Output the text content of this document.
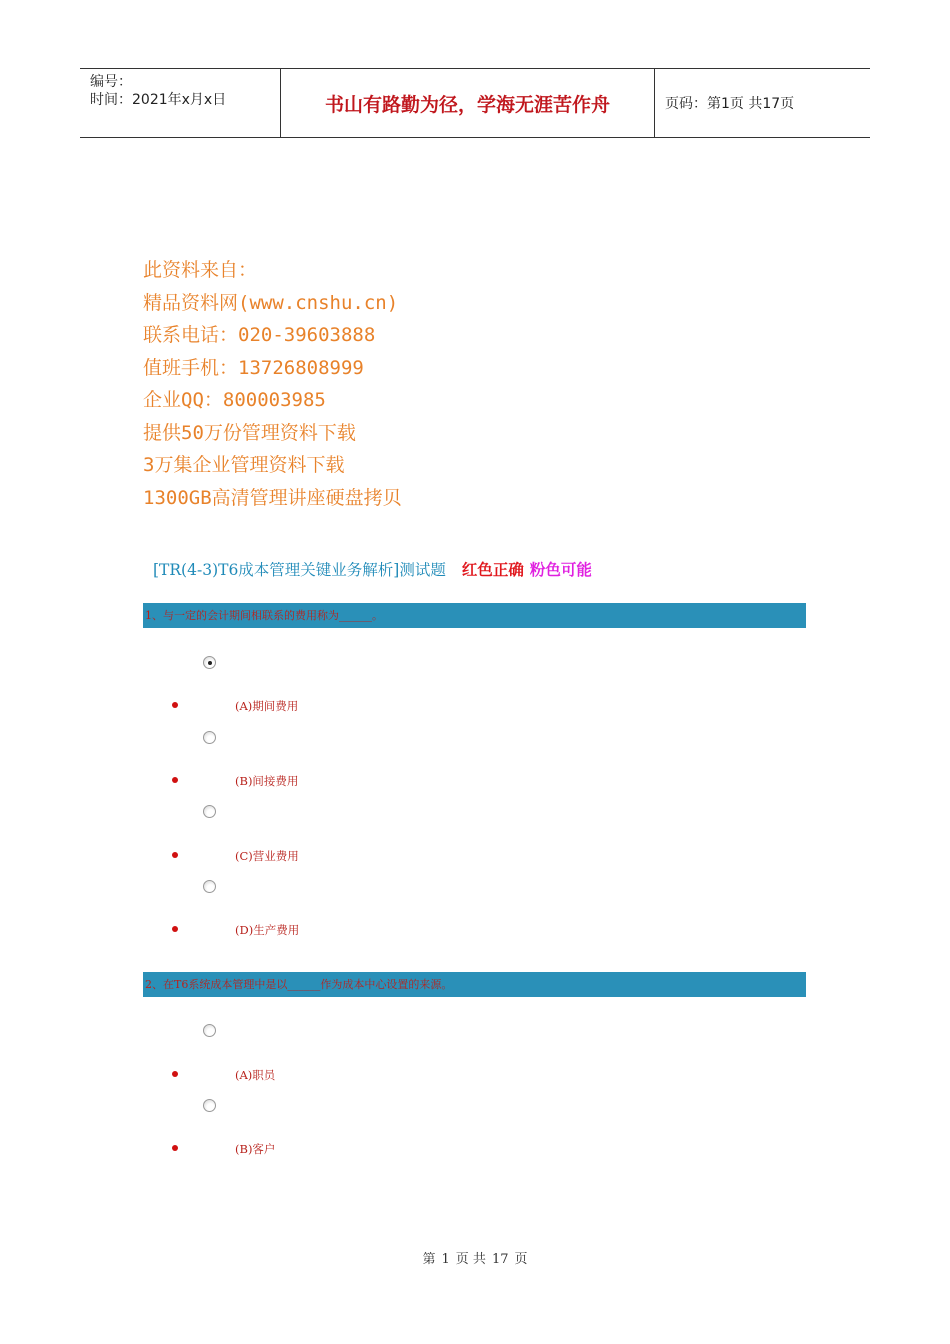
编号：
时间：2021年x月x日	书山有路勤为径，学海无涯苦作舟	页码：第1页 共17页
此资料来自：
精品资料网(www.cnshu.cn)
联系电话：020-39603888
值班手机：13726808999
企业QQ：800003985
提供50万份管理资料下载
3万集企业管理资料下载
1300GB高清管理讲座硬盘拷贝
[TR(4-3)T6成本管理关键业务解析]测试题 红色正确 粉色可能
1、与一定的会计期间相联系的费用称为______。
(A)期间费用
(B)间接费用
(C)营业费用
(D)生产费用
2、在T6系统成本管理中是以______作为成本中心设置的来源。
(A)职员
(B)客户
第 1 页 共 17 页
